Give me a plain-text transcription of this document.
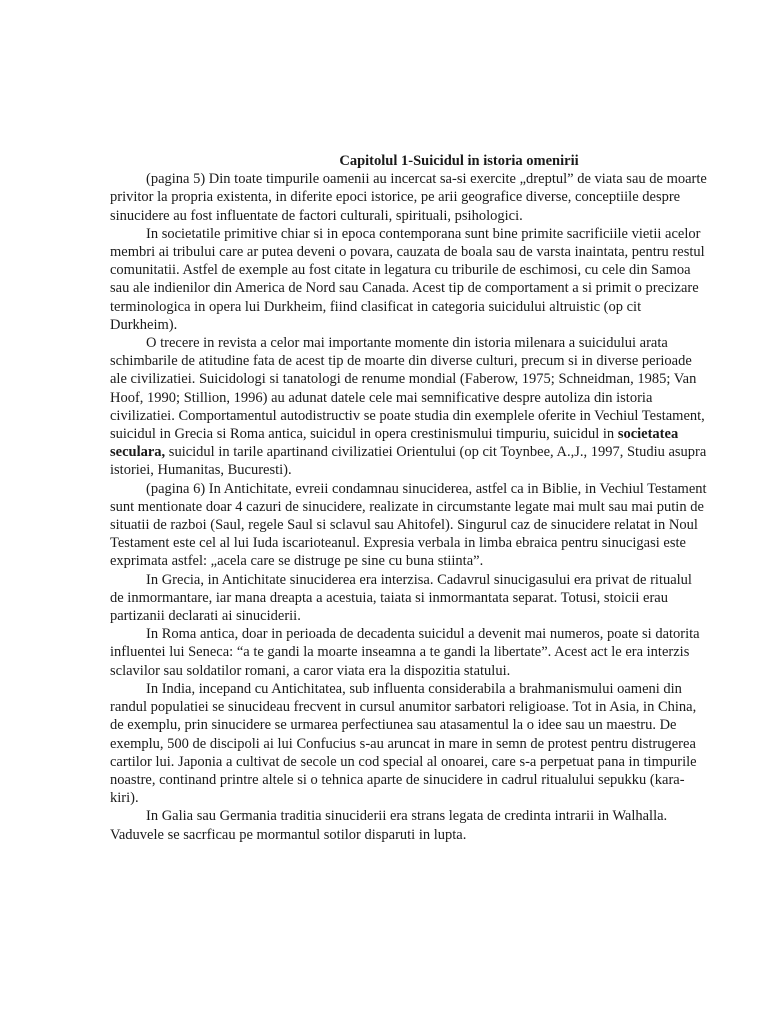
Capitolul 1-Suicidul in istoria omenirii

(pagina 5) Din toate timpurile oamenii au incercat sa-si exercite „dreptul” de viata sau de moarte privitor la propria existenta, in diferite epoci istorice, pe arii geografice diverse, conceptiile despre sinucidere au fost influentate de factori culturali, spirituali, psihologici.

In societatile primitive chiar si in epoca contemporana sunt bine primite sacrificiile vietii acelor membri ai tribului care ar putea deveni o povara, cauzata de boala sau de varsta inaintata, pentru restul comunitatii. Astfel de exemple au fost citate in legatura cu triburile de eschimosi, cu cele din Samoa sau ale indienilor din America de Nord sau Canada. Acest tip de comportament a si primit o precizare terminologica in opera lui Durkheim, fiind clasificat in categoria suicidului altruistic (op cit Durkheim).

O trecere in revista a celor mai importante momente din istoria milenara a suicidului arata schimbarile de atitudine fata de acest tip de moarte din diverse culturi, precum si in diverse perioade ale civilizatiei. Suicidologi si tanatologi de renume mondial (Faberow, 1975; Schneidman, 1985; Van Hoof, 1990; Stillion, 1996) au adunat datele cele mai semnificative despre autoliza din istoria civilizatiei. Comportamentul autodistructiv se poate studia din exemplele oferite in Vechiul Testament, suicidul in Grecia si Roma antica, suicidul in opera crestinismului timpuriu, suicidul in societatea seculara, suicidul in tarile apartinand civilizatiei Orientului (op cit Toynbee, A.,J., 1997, Studiu asupra istoriei, Humanitas, Bucuresti).

(pagina 6) In Antichitate, evreii condamnau sinuciderea, astfel ca in Biblie, in Vechiul Testament sunt mentionate doar 4 cazuri de sinucidere, realizate in circumstante legate mai mult sau mai putin de situatii de razboi (Saul, regele Saul si sclavul sau Ahitofel). Singurul caz de sinucidere relatat in Noul Testament este cel al lui Iuda iscarioteanul. Expresia verbala in limba ebraica pentru sinucigasi este exprimata astfel: „acela care se distruge pe sine cu buna stiinta”.

In Grecia, in Antichitate sinuciderea era interzisa. Cadavrul sinucigasului era privat de ritualul de inmormantare, iar mana dreapta a acestuia, taiata si inmormantata separat. Totusi, stoicii erau partizanii declarati ai sinuciderii.

In Roma antica, doar in perioada de decadenta suicidul a devenit mai numeros, poate si datorita influentei lui Seneca: “a te gandi la moarte inseamna a te gandi la libertate”. Acest act le era interzis sclavilor sau soldatilor romani, a caror viata era la dispozitia statului.

In India, incepand cu Antichitatea, sub influenta considerabila a brahmanismului oameni din randul populatiei se sinucideau frecvent in cursul anumitor sarbatori religioase. Tot in Asia, in China, de exemplu, prin sinucidere se urmarea perfectiunea sau atasamentul la o idee sau un maestru. De exemplu, 500 de discipoli ai lui Confucius s-au aruncat in mare in semn de protest pentru distrugerea cartilor lui. Japonia a cultivat de secole un cod special al onoarei, care s-a perpetuat pana in timpurile noastre, continand printre altele si o tehnica aparte de sinucidere in cadrul ritualului sepukku (kara-kiri).

In Galia sau Germania traditia sinuciderii era strans legata de credinta intrarii in Walhalla. Vaduvele se sacrficau pe mormantul sotilor disparuti in lupta.
